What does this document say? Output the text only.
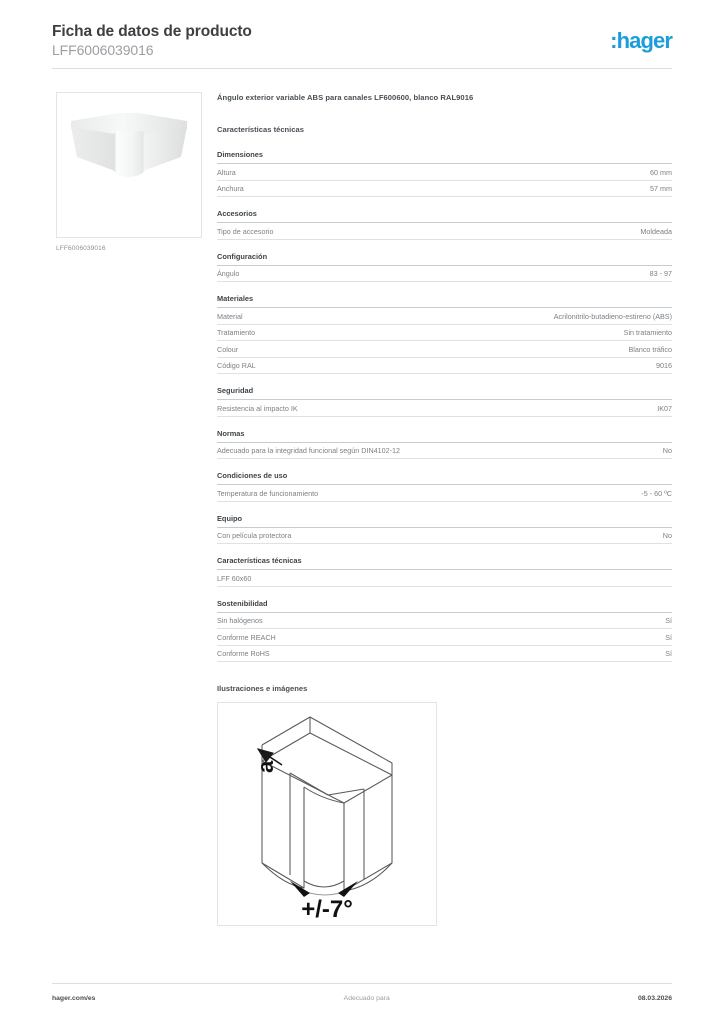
Ficha de datos de producto
LFF6006039016	:hager
LFF6006039016
Ángulo exterior variable ABS para canales LF600600, blanco RAL9016
Características técnicas
Dimensiones
Altura	60 mm
Anchura	57 mm
Accesorios
Tipo de accesorio	Moldeada
Configuración
Ángulo	83 - 97
Materiales
Material	Acrilonitrilo-butadieno-estireno (ABS)
Tratamiento	Sin tratamiento
Colour	Blanco tráfico
Código RAL	9016
Seguridad
Resistencia al impacto IK	IK07
Normas
Adecuado para la integridad funcional según DIN4102-12	No
Condiciones de uso
Temperatura de funcionamiento	-5 - 60 ºC
Equipo
Con película protectora	No
Características técnicas
LFF 60x60
Sostenibilidad
Sin halógenos	Sí
Conforme REACH	Sí
Conforme RoHS	Sí
Ilustraciones e imágenes
a
+/-7°
hager.com/es	Adecuado para	08.03.2026
